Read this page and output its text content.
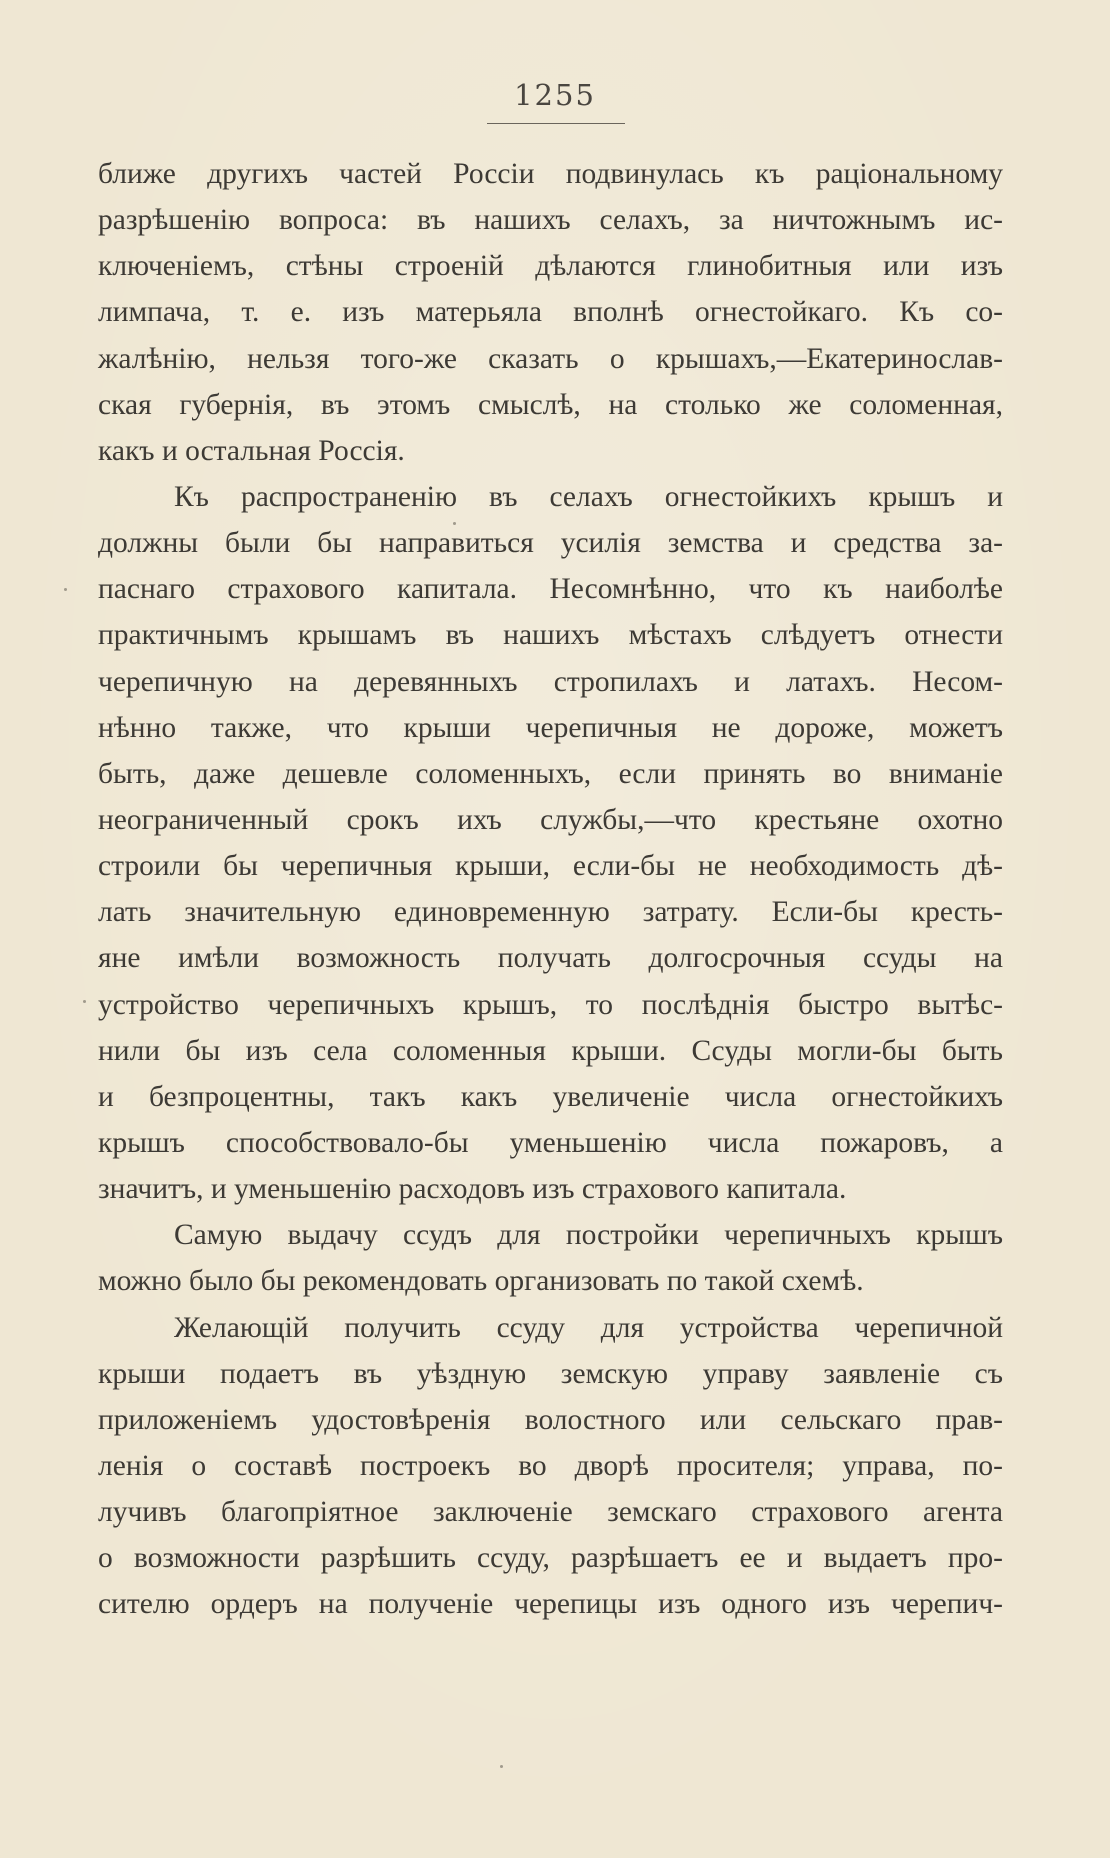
1255
ближе другихъ частей Россіи подвинулась къ раціональному
разрѣшенію вопроса: въ нашихъ селахъ, за ничтожнымъ ис-
ключеніемъ, стѣны строеній дѣлаются глинобитныя или изъ
лимпача, т. е. изъ матерьяла вполнѣ огнестойкаго. Къ со-
жалѣнію, нельзя того-же сказать о крышахъ,—Екатеринослав-
ская губернія, въ этомъ смыслѣ, на столько же соломенная,
какъ и остальная Россія.
Къ распространенію въ селахъ огнестойкихъ крышъ и
должны были бы направиться усилія земства и средства за-
паснаго страхового капитала. Несомнѣнно, что къ наиболѣе
практичнымъ крышамъ въ нашихъ мѣстахъ слѣдуетъ отнести
черепичную на деревянныхъ стропилахъ и латахъ. Несом-
нѣнно также, что крыши черепичныя не дороже, можетъ
быть, даже дешевле соломенныхъ, если принять во вниманіе
неограниченный срокъ ихъ службы,—что крестьяне охотно
строили бы черепичныя крыши, если-бы не необходимость дѣ-
лать значительную единовременную затрату. Если-бы кресть-
яне имѣли возможность получать долгосрочныя ссуды на
устройство черепичныхъ крышъ, то послѣднія быстро вытѣс-
нили бы изъ села соломенныя крыши. Ссуды могли-бы быть
и безпроцентны, такъ какъ увеличеніе числа огнестойкихъ
крышъ способствовало-бы уменьшенію числа пожаровъ, а
значитъ, и уменьшенію расходовъ изъ страхового капитала.
Самую выдачу ссудъ для постройки черепичныхъ крышъ
можно было бы рекомендовать организовать по такой схемѣ.
Желающій получить ссуду для устройства черепичной
крыши подаетъ въ уѣздную земскую управу заявленіе съ
приложеніемъ удостовѣренія волостного или сельскаго прав-
ленія о составѣ построекъ во дворѣ просителя; управа, по-
лучивъ благопріятное заключеніе земскаго страхового агента
о возможности разрѣшить ссуду, разрѣшаетъ ее и выдаетъ про-
сителю ордеръ на полученіе черепицы изъ одного изъ черепич-
